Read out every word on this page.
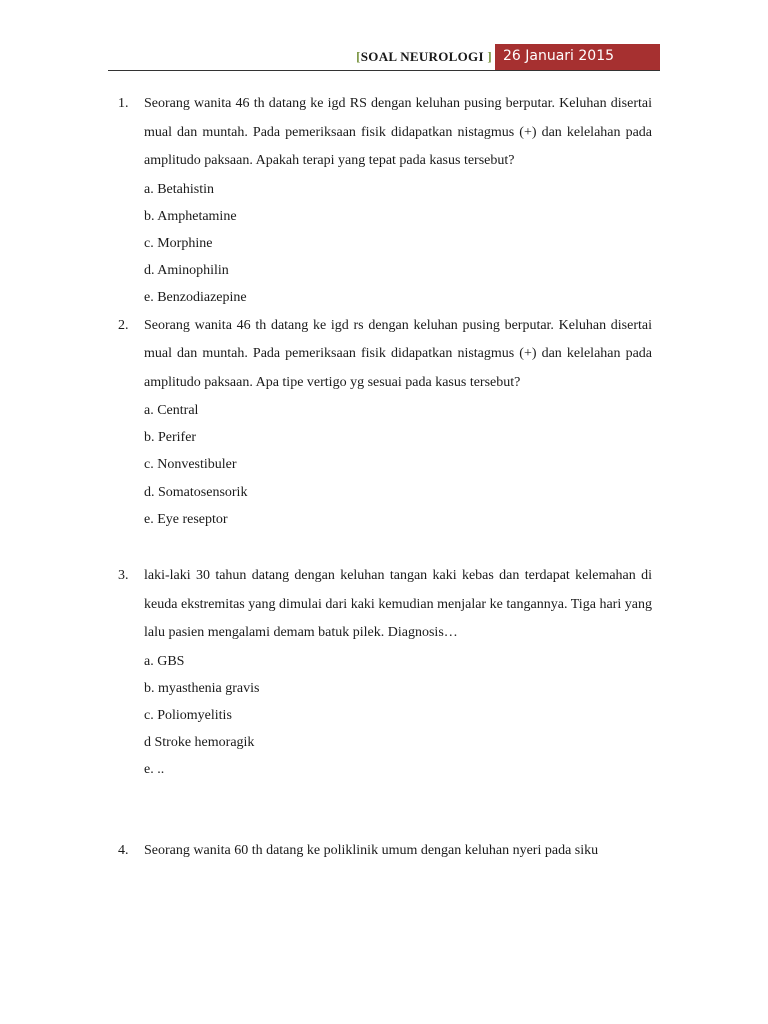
[SOAL NEUROLOGI ] 26 Januari 2015
1. Seorang wanita 46 th datang ke igd RS dengan keluhan pusing berputar. Keluhan disertai mual dan muntah. Pada pemeriksaan fisik didapatkan nistagmus (+) dan kelelahan pada amplitudo paksaan. Apakah terapi yang tepat pada kasus tersebut?
a. Betahistin
b. Amphetamine
c. Morphine
d. Aminophilin
e. Benzodiazepine
2. Seorang wanita 46 th datang ke igd rs dengan keluhan pusing berputar. Keluhan disertai mual dan muntah. Pada pemeriksaan fisik didapatkan nistagmus (+) dan kelelahan pada amplitudo paksaan. Apa tipe vertigo yg sesuai pada kasus tersebut?
a. Central
b. Perifer
c. Nonvestibuler
d. Somatosensorik
e. Eye reseptor
3. laki-laki 30 tahun datang dengan keluhan tangan kaki kebas dan terdapat kelemahan di keuda ekstremitas yang dimulai dari kaki kemudian menjalar ke tangannya. Tiga hari yang lalu pasien mengalami demam batuk pilek. Diagnosis…
a. GBS
b. myasthenia gravis
c. Poliomyelitis
d Stroke hemoragik
e. ..
4. Seorang wanita 60 th datang ke poliklinik umum dengan keluhan nyeri pada siku
